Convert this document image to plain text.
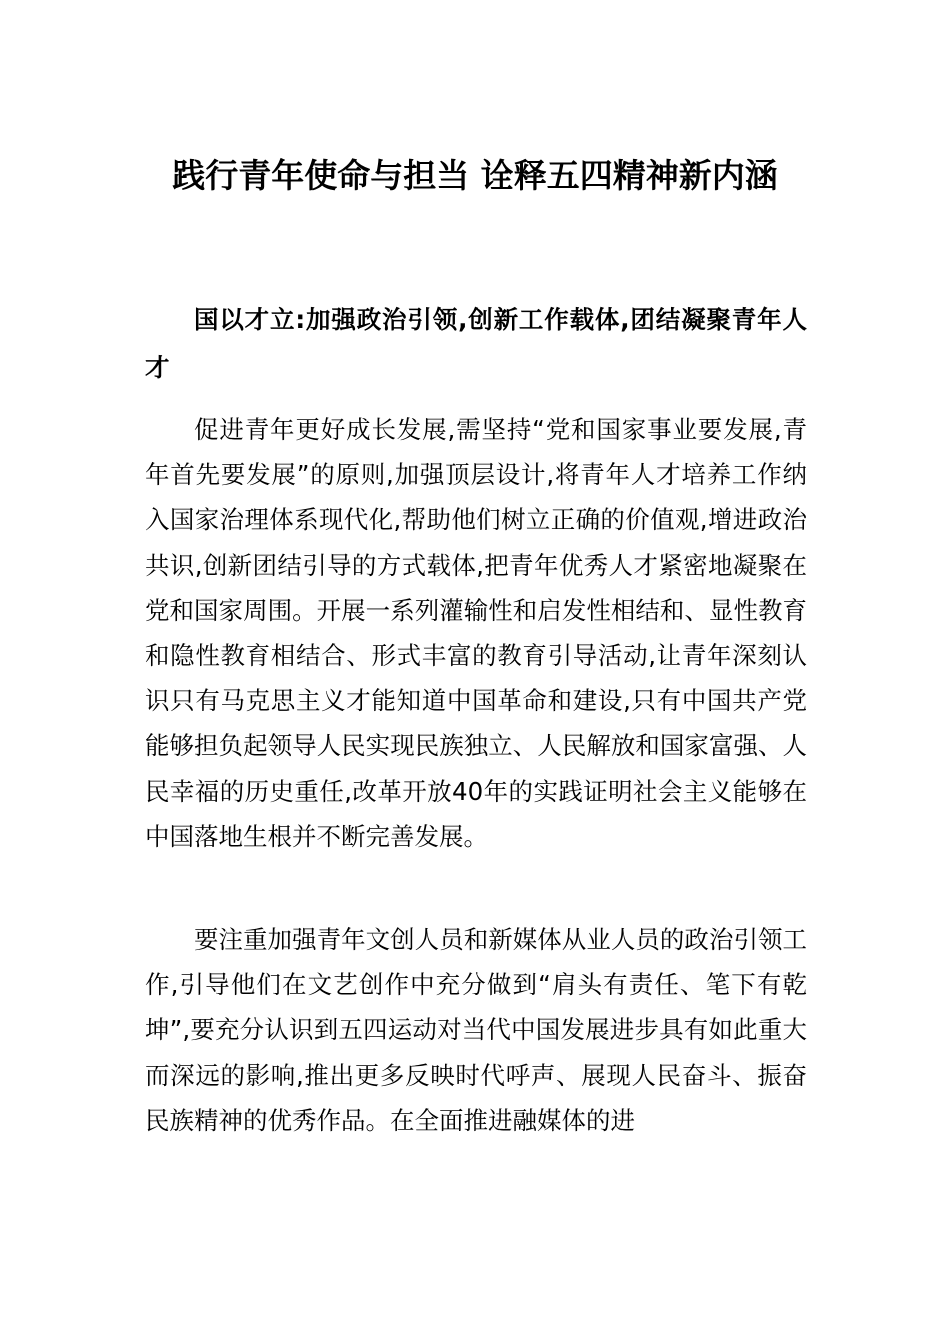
践行青年使命与担当 诠释五四精神新内涵

国以才立:加强政治引领,创新工作载体,团结凝聚青年人才

促进青年更好成长发展,需坚持“党和国家事业要发展,青年首先要发展”的原则,加强顶层设计,将青年人才培养工作纳入国家治理体系现代化,帮助他们树立正确的价值观,增进政治共识,创新团结引导的方式载体,把青年优秀人才紧密地凝聚在党和国家周围。开展一系列灌输性和启发性相结和、显性教育和隐性教育相结合、形式丰富的教育引导活动,让青年深刻认识只有马克思主义才能知道中国革命和建设,只有中国共产党能够担负起领导人民实现民族独立、人民解放和国家富强、人民幸福的历史重任,改革开放40年的实践证明社会主义能够在中国落地生根并不断完善发展。

要注重加强青年文创人员和新媒体从业人员的政治引领工作,引导他们在文艺创作中充分做到“肩头有责任、笔下有乾坤”,要充分认识到五四运动对当代中国发展进步具有如此重大而深远的影响,推出更多反映时代呼声、展现人民奋斗、振奋民族精神的优秀作品。在全面推进融媒体的进
